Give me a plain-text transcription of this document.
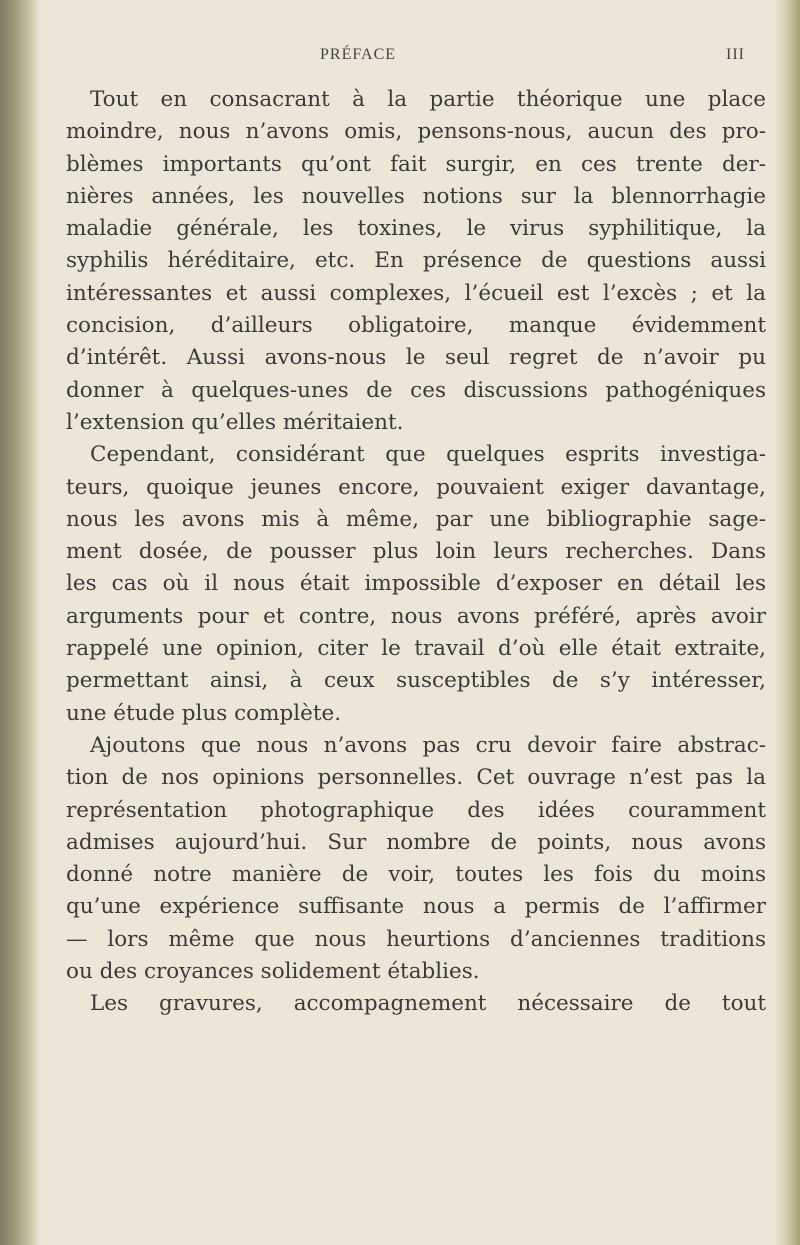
PRÉFACE	III
Tout en consacrant à la partie théorique une place
moindre, nous n’avons omis, pensons-nous, aucun des pro-
blèmes importants qu’ont fait surgir, en ces trente der-
nières années, les nouvelles notions sur la blennorrhagie
maladie générale, les toxines, le virus syphilitique, la
syphilis héréditaire, etc. En présence de questions aussi
intéressantes et aussi complexes, l’écueil est l’excès ; et la
concision, d’ailleurs obligatoire, manque évidemment
d’intérêt. Aussi avons-nous le seul regret de n’avoir pu
donner à quelques-unes de ces discussions pathogéniques
l’extension qu’elles méritaient.
Cependant, considérant que quelques esprits investiga-
teurs, quoique jeunes encore, pouvaient exiger davantage,
nous les avons mis à même, par une bibliographie sage-
ment dosée, de pousser plus loin leurs recherches. Dans
les cas où il nous était impossible d’exposer en détail les
arguments pour et contre, nous avons préféré, après avoir
rappelé une opinion, citer le travail d’où elle était extraite,
permettant ainsi, à ceux susceptibles de s’y intéresser,
une étude plus complète.
Ajoutons que nous n’avons pas cru devoir faire abstrac-
tion de nos opinions personnelles. Cet ouvrage n’est pas la
représentation photographique des idées couramment
admises aujourd’hui. Sur nombre de points, nous avons
donné notre manière de voir, toutes les fois du moins
qu’une expérience suffisante nous a permis de l’affirmer
— lors même que nous heurtions d’anciennes traditions
ou des croyances solidement établies.
Les gravures, accompagnement nécessaire de tout
